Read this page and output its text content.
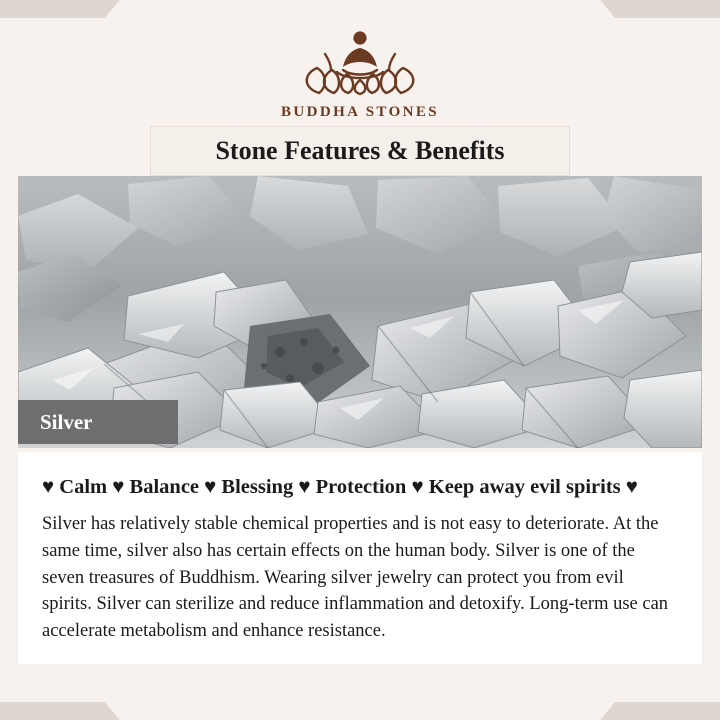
BUDDHA STONES
Stone Features & Benefits
Silver
♥ Calm ♥ Balance ♥ Blessing ♥ Protection ♥ Keep away evil spirits ♥
Silver has relatively stable chemical properties and is not easy to deteriorate. At the same time, silver also has certain effects on the human body. Silver is one of the seven treasures of Buddhism. Wearing silver jewelry can protect you from evil spirits. Silver can sterilize and reduce inflammation and detoxify. Long-term use can accelerate metabolism and enhance resistance.
